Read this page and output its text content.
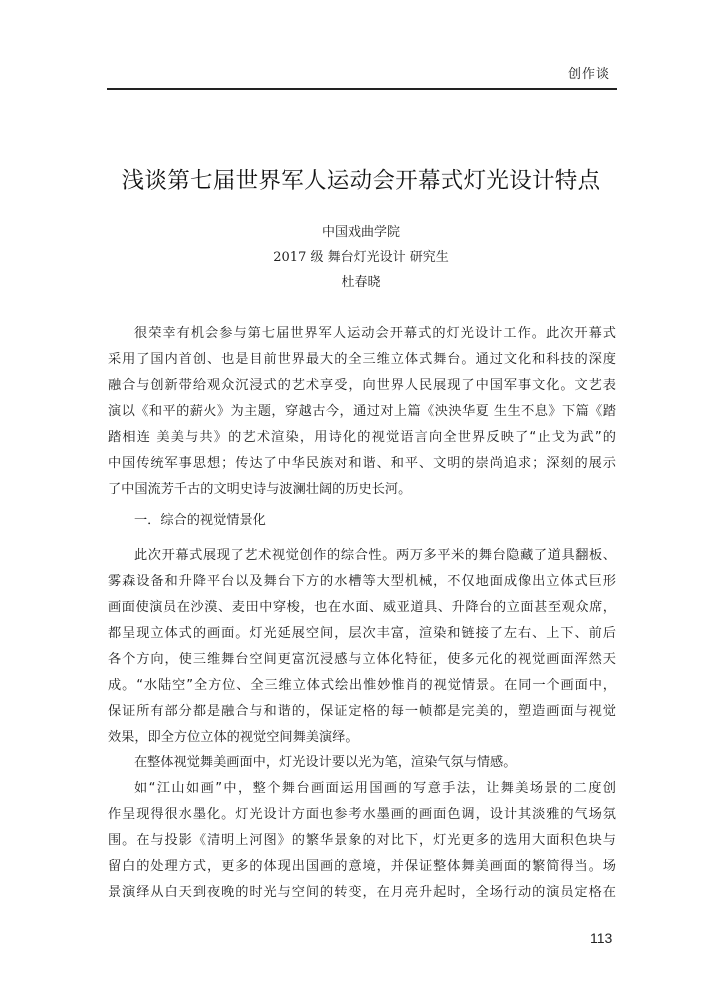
创作谈
浅谈第七届世界军人运动会开幕式灯光设计特点
中国戏曲学院
2017 级 舞台灯光设计 研究生
杜春晓
很荣幸有机会参与第七届世界军人运动会开幕式的灯光设计工作。此次开幕式
采用了国内首创、也是目前世界最大的全三维立体式舞台。通过文化和科技的深度
融合与创新带给观众沉浸式的艺术享受，向世界人民展现了中国军事文化。文艺表
演以《和平的薪火》为主题，穿越古今，通过对上篇《泱泱华夏 生生不息》下篇《踏
踏相连 美美与共》的艺术渲染，用诗化的视觉语言向全世界反映了“止戈为武”的
中国传统军事思想；传达了中华民族对和谐、和平、文明的崇尚追求；深刻的展示
了中国流芳千古的文明史诗与波澜壮阔的历史长河。
一．综合的视觉情景化
此次开幕式展现了艺术视觉创作的综合性。两万多平米的舞台隐藏了道具翻板、
雾森设备和升降平台以及舞台下方的水槽等大型机械，不仅地面成像出立体式巨形
画面使演员在沙漠、麦田中穿梭，也在水面、威亚道具、升降台的立面甚至观众席，
都呈现立体式的画面。灯光延展空间，层次丰富，渲染和链接了左右、上下、前后
各个方向，使三维舞台空间更富沉浸感与立体化特征，使多元化的视觉画面浑然天
成。“水陆空”全方位、全三维立体式绘出惟妙惟肖的视觉情景。在同一个画面中，
保证所有部分都是融合与和谐的，保证定格的每一帧都是完美的，塑造画面与视觉
效果，即全方位立体的视觉空间舞美演绎。
在整体视觉舞美画面中，灯光设计要以光为笔，渲染气氛与情感。
如“江山如画”中，整个舞台画面运用国画的写意手法，让舞美场景的二度创
作呈现得很水墨化。灯光设计方面也参考水墨画的画面色调，设计其淡雅的气场氛
围。在与投影《清明上河图》的繁华景象的对比下，灯光更多的选用大面积色块与
留白的处理方式，更多的体现出国画的意境，并保证整体舞美画面的繁简得当。场
景演绎从白天到夜晚的时光与空间的转变，在月亮升起时，全场行动的演员定格在
113
